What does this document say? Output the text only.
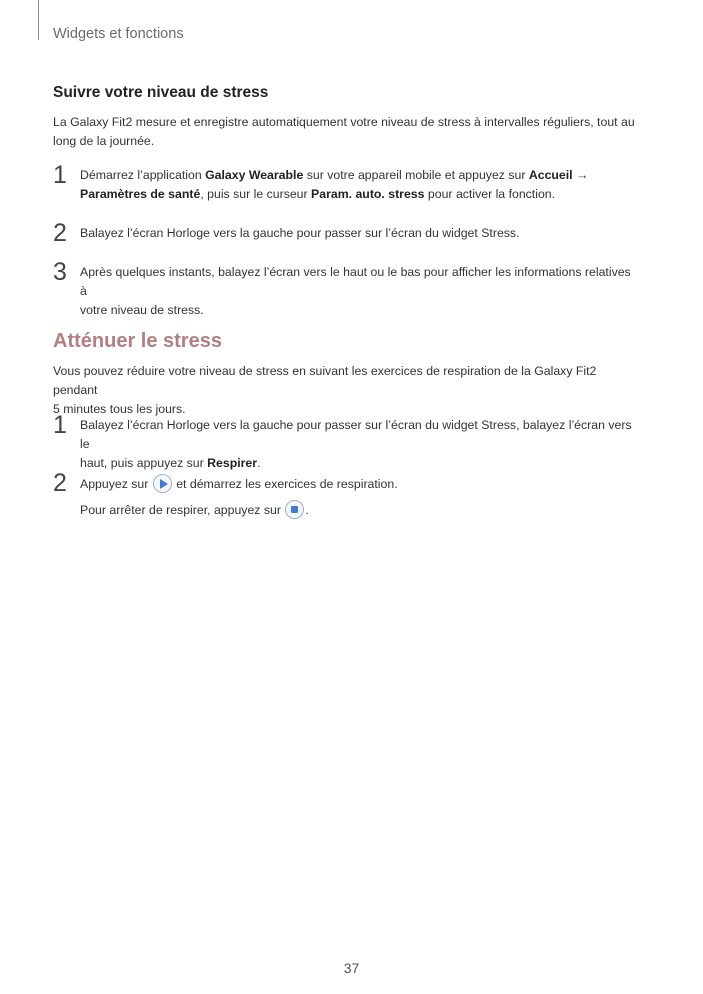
Widgets et fonctions
Suivre votre niveau de stress
La Galaxy Fit2 mesure et enregistre automatiquement votre niveau de stress à intervalles réguliers, tout au
long de la journée.
1 Démarrez l’application Galaxy Wearable sur votre appareil mobile et appuyez sur Accueil →
Paramètres de santé, puis sur le curseur Param. auto. stress pour activer la fonction.
2 Balayez l’écran Horloge vers la gauche pour passer sur l’écran du widget Stress.
3 Après quelques instants, balayez l’écran vers le haut ou le bas pour afficher les informations relatives à
votre niveau de stress.
Atténuer le stress
Vous pouvez réduire votre niveau de stress en suivant les exercices de respiration de la Galaxy Fit2 pendant
5 minutes tous les jours.
1 Balayez l’écran Horloge vers la gauche pour passer sur l’écran du widget Stress, balayez l’écran vers le
haut, puis appuyez sur Respirer.
2 Appuyez sur
et démarrez les exercices de respiration.
Pour arrêter de respirer, appuyez sur
.
37
